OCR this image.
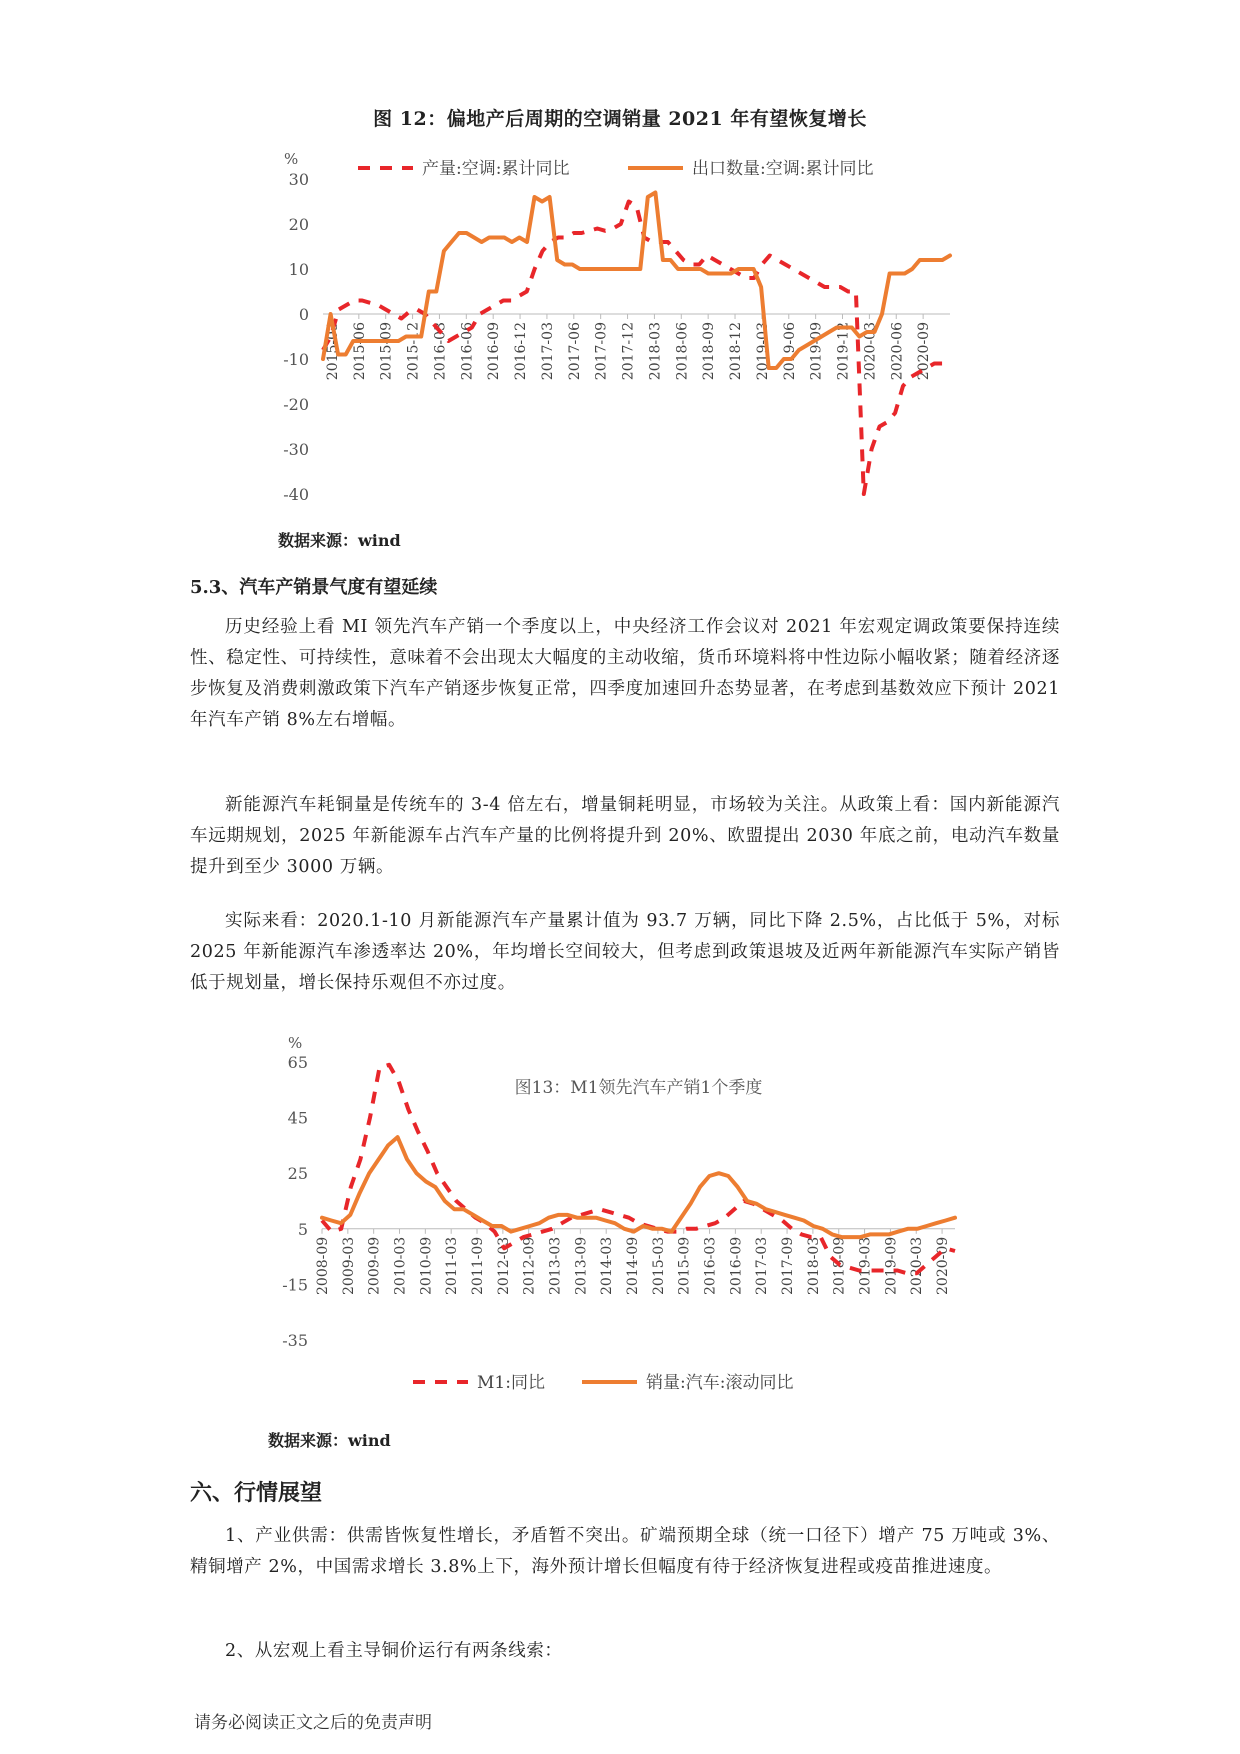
图 12：偏地产后周期的空调销量 2021 年有望恢复增长
%
30
20
10
0
-10
-20
-30
-40
2015-03 2015-06 2015-09 2015-12 2016-03 2016-06 2016-09 2016-12 2017-03 2017-06 2017-09 2017-12 2018-03 2018-06 2018-09 2018-12 2019-03 2019-06 2019-09 2019-12 2020-03 2020-06 2020-09
产量:空调:累计同比	出口数量:空调:累计同比
数据来源：wind
5.3、汽车产销景气度有望延续

历史经验上看 MI 领先汽车产销一个季度以上，中央经济工作会议对 2021 年宏观定调政策要保持连续性、稳定性、可持续性，意味着不会出现太大幅度的主动收缩，货币环境料将中性边际小幅收紧；随着经济逐步恢复及消费刺激政策下汽车产销逐步恢复正常，四季度加速回升态势显著，在考虑到基数效应下预计 2021 年汽车产销 8%左右增幅。

新能源汽车耗铜量是传统车的 3-4 倍左右，增量铜耗明显，市场较为关注。从政策上看：国内新能源汽车远期规划，2025 年新能源车占汽车产量的比例将提升到 20%、欧盟提出 2030 年底之前，电动汽车数量提升到至少 3000 万辆。

实际来看：2020.1-10 月新能源汽车产量累计值为 93.7 万辆，同比下降 2.5%，占比低于 5%，对标 2025 年新能源汽车渗透率达 20%，年均增长空间较大，但考虑到政策退坡及近两年新能源汽车实际产销皆低于规划量，增长保持乐观但不亦过度。

图13：M1领先汽车产销1个季度
%
65
45
25
5
-15
-35
2008-09 2009-03 2009-09 2010-03 2010-09 2011-03 2011-09 2012-03 2012-09 2013-03 2013-09 2014-03 2014-09 2015-03 2015-09 2016-03 2016-09 2017-03 2017-09 2018-03 2018-09 2019-03 2019-09 2020-03 2020-09
M1:同比	销量:汽车:滚动同比
数据来源：wind
六、行情展望

1、产业供需：供需皆恢复性增长，矛盾暂不突出。矿端预期全球（统一口径下）增产 75 万吨或 3%、精铜增产 2%，中国需求增长 3.8%上下，海外预计增长但幅度有待于经济恢复进程或疫苗推进速度。

2、从宏观上看主导铜价运行有两条线索：

请务必阅读正文之后的免责声明
